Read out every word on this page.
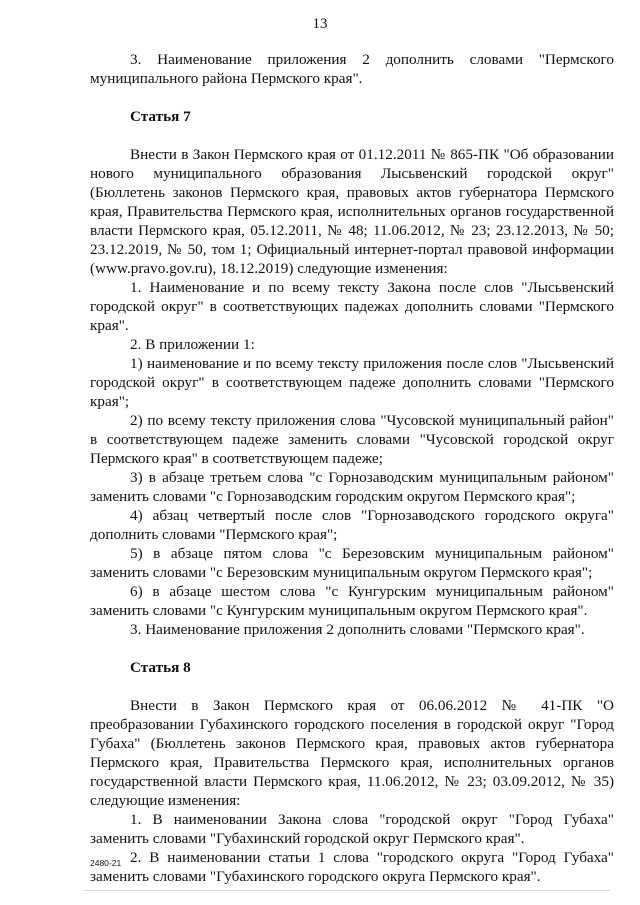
13

3. Наименование приложения 2 дополнить словами "Пермского муниципального района Пермского края".

Статья 7

Внести в Закон Пермского края от 01.12.2011 № 865-ПК "Об образовании нового муниципального образования Лысьвенский городской округ" (Бюллетень законов Пермского края, правовых актов губернатора Пермского края, Правительства Пермского края, исполнительных органов государственной власти Пермского края, 05.12.2011, № 48; 11.06.2012, № 23; 23.12.2013, № 50; 23.12.2019, № 50, том 1; Официальный интернет-портал правовой информации (www.pravo.gov.ru), 18.12.2019) следующие изменения:

1. Наименование и по всему тексту Закона после слов "Лысьвенский городской округ" в соответствующих падежах дополнить словами "Пермского края".

2. В приложении 1:

1) наименование и по всему тексту приложения после слов "Лысьвенский городской округ" в соответствующем падеже дополнить словами "Пермского края";

2) по всему тексту приложения слова "Чусовской муниципальный район" в соответствующем падеже заменить словами "Чусовской городской округ Пермского края" в соответствующем падеже;

3) в абзаце третьем слова "с Горнозаводским муниципальным районом" заменить словами "с Горнозаводским городским округом Пермского края";

4) абзац четвертый после слов "Горнозаводского городского округа" дополнить словами "Пермского края";

5) в абзаце пятом слова "с Березовским муниципальным районом" заменить словами "с Березовским муниципальным округом Пермского края";

6) в абзаце шестом слова "с Кунгурским муниципальным районом" заменить словами "с Кунгурским муниципальным округом Пермского края".

3. Наименование приложения 2 дополнить словами "Пермского края".

Статья 8

Внести в Закон Пермского края от 06.06.2012 № 41-ПК "О преобразовании Губахинского городского поселения в городской округ "Город Губаха" (Бюллетень законов Пермского края, правовых актов губернатора Пермского края, Правительства Пермского края, исполнительных органов государственной власти Пермского края, 11.06.2012, № 23; 03.09.2012, № 35) следующие изменения:

1. В наименовании Закона слова "городской округ "Город Губаха" заменить словами "Губахинский городской округ Пермского края".

2. В наименовании статьи 1 слова "городского округа "Город Губаха" заменить словами "Губахинского городского округа Пермского края".

2480-21
